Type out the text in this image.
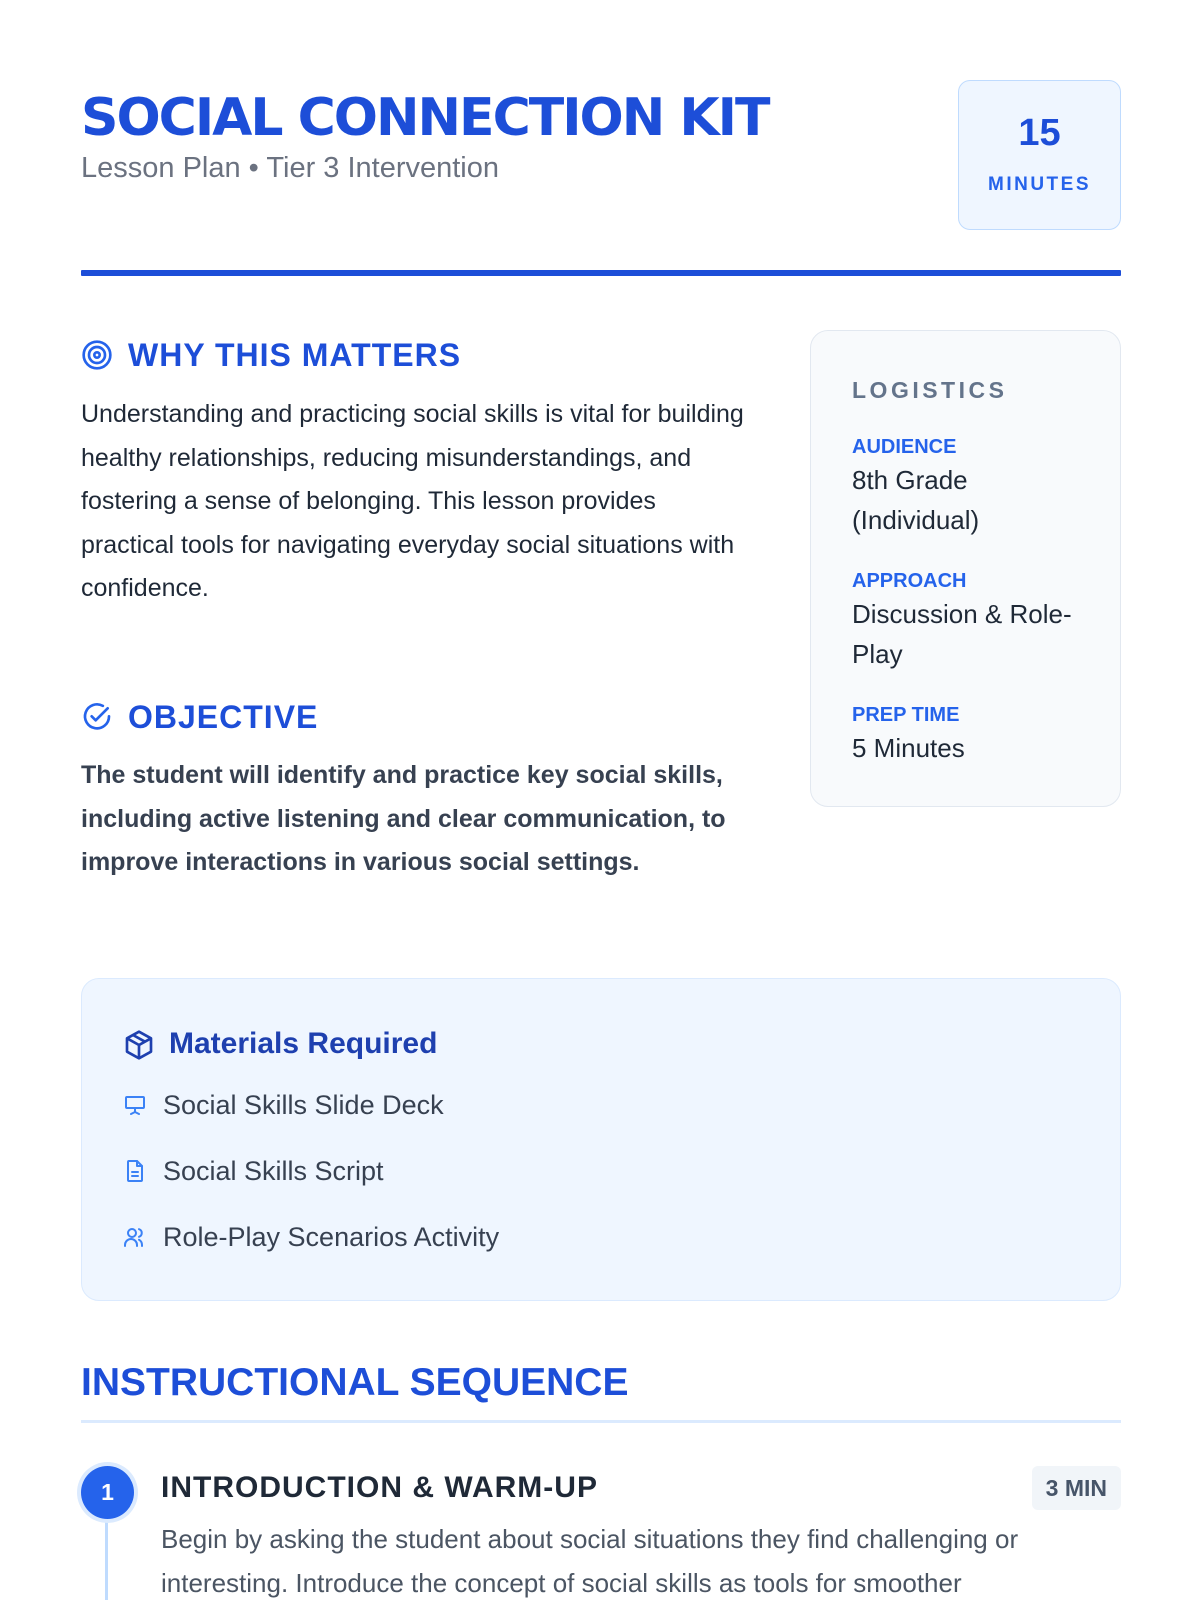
SOCIAL CONNECTION KIT
Lesson Plan • Tier 3 Intervention
15
MINUTES
WHY THIS MATTERS
Understanding and practicing social skills is vital for building healthy relationships, reducing misunderstandings, and fostering a sense of belonging. This lesson provides practical tools for navigating everyday social situations with confidence.
OBJECTIVE
The student will identify and practice key social skills, including active listening and clear communication, to improve interactions in various social settings.
LOGISTICS
AUDIENCE
8th Grade (Individual)
APPROACH
Discussion & Role-Play
PREP TIME
5 Minutes
Materials Required
Social Skills Slide Deck
Social Skills Script
Role-Play Scenarios Activity
INSTRUCTIONAL SEQUENCE
1	INTRODUCTION & WARM-UP	3 MIN
Begin by asking the student about social situations they find challenging or interesting. Introduce the concept of social skills as tools for smoother
